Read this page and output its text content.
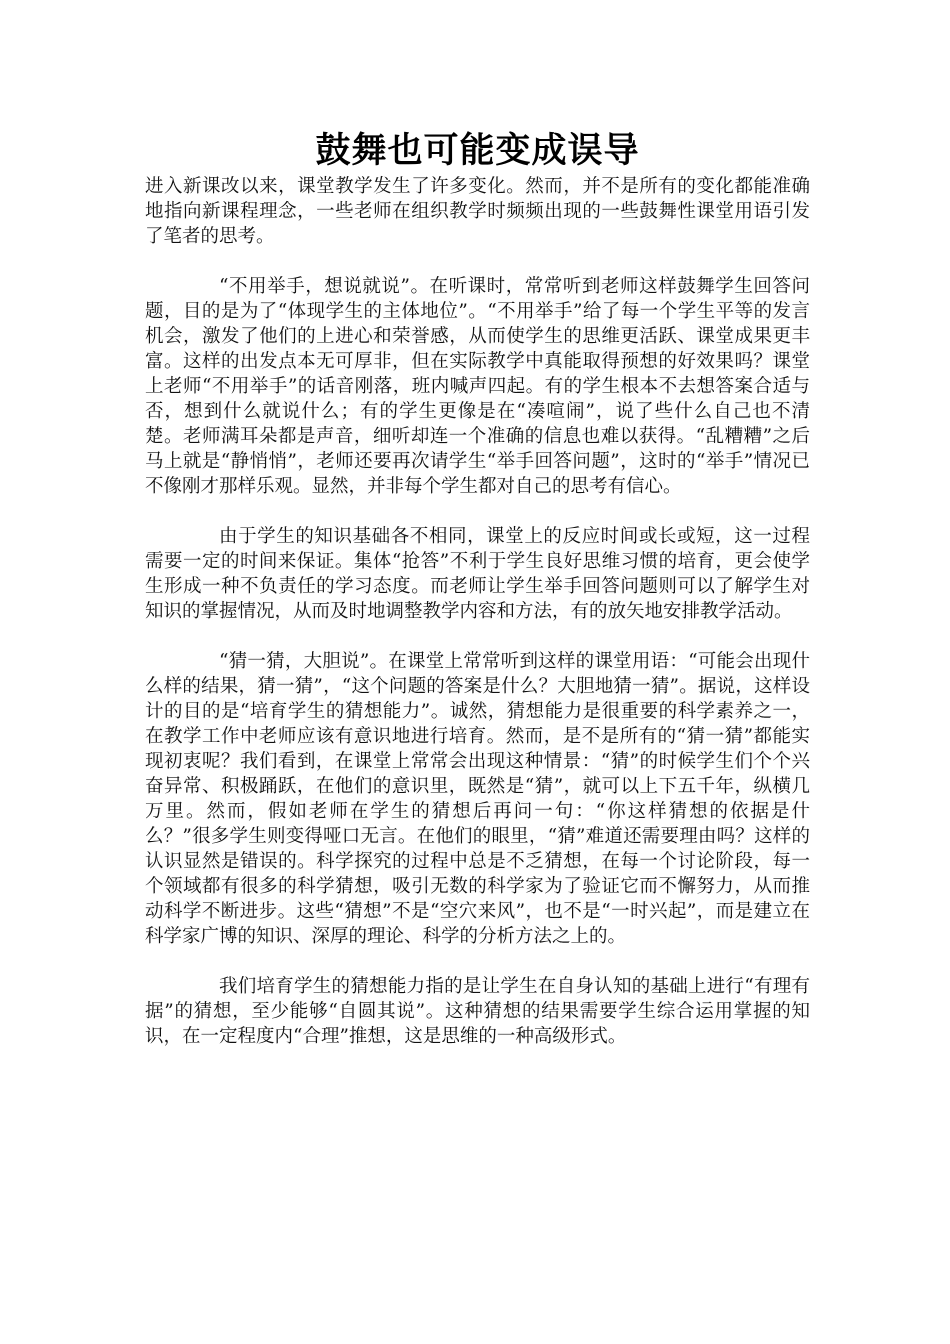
鼓舞也可能变成误导

进入新课改以来，课堂教学发生了许多变化。然而，并不是所有的变化都能准确地指向新课程理念，一些老师在组织教学时频频出现的一些鼓舞性课堂用语引发了笔者的思考。

“不用举手，想说就说”。在听课时，常常听到老师这样鼓舞学生回答问题，目的是为了“体现学生的主体地位”。“不用举手”给了每一个学生平等的发言机会，激发了他们的上进心和荣誉感，从而使学生的思维更活跃、课堂成果更丰富。这样的出发点本无可厚非，但在实际教学中真能取得预想的好效果吗？课堂上老师“不用举手”的话音刚落，班内喊声四起。有的学生根本不去想答案合适与否，想到什么就说什么；有的学生更像是在“凑喧闹”，说了些什么自己也不清楚。老师满耳朵都是声音，细听却连一个准确的信息也难以获得。“乱糟糟”之后马上就是“静悄悄”，老师还要再次请学生“举手回答问题”，这时的“举手”情况已不像刚才那样乐观。显然，并非每个学生都对自己的思考有信心。

由于学生的知识基础各不相同，课堂上的反应时间或长或短，这一过程需要一定的时间来保证。集体“抢答”不利于学生良好思维习惯的培育，更会使学生形成一种不负责任的学习态度。而老师让学生举手回答问题则可以了解学生对知识的掌握情况，从而及时地调整教学内容和方法，有的放矢地安排教学活动。

“猜一猜，大胆说”。在课堂上常常听到这样的课堂用语：“可能会出现什么样的结果，猜一猜”，“这个问题的答案是什么？大胆地猜一猜”。据说，这样设计的目的是“培育学生的猜想能力”。诚然，猜想能力是很重要的科学素养之一，在教学工作中老师应该有意识地进行培育。然而，是不是所有的“猜一猜”都能实现初衷呢？我们看到，在课堂上常常会出现这种情景：“猜”的时候学生们个个兴奋异常、积极踊跃，在他们的意识里，既然是“猜”，就可以上下五千年，纵横几万里。然而，假如老师在学生的猜想后再问一句：“你这样猜想的依据是什么？”很多学生则变得哑口无言。在他们的眼里，“猜”难道还需要理由吗？这样的认识显然是错误的。科学探究的过程中总是不乏猜想，在每一个讨论阶段，每一个领域都有很多的科学猜想，吸引无数的科学家为了验证它而不懈努力，从而推动科学不断进步。这些“猜想”不是“空穴来风”，也不是“一时兴起”，而是建立在科学家广博的知识、深厚的理论、科学的分析方法之上的。

我们培育学生的猜想能力指的是让学生在自身认知的基础上进行“有理有据”的猜想，至少能够“自圆其说”。这种猜想的结果需要学生综合运用掌握的知识，在一定程度内“合理”推想，这是思维的一种高级形式。
